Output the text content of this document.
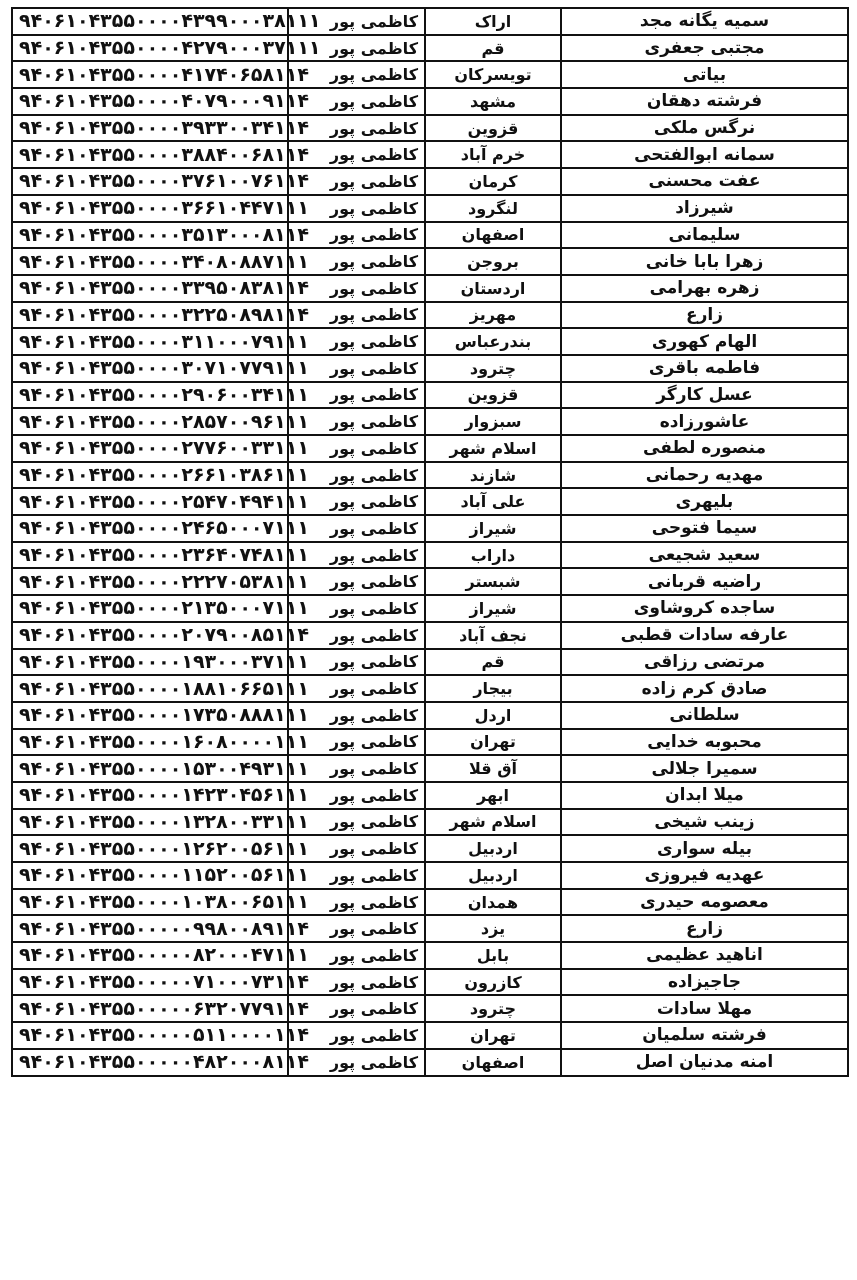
۹۴۰۶۱۰۴۳۵۵۰۰۰۰۴۳۹۹۰۰۰۳۸۱۱۱	کاظمی پور	اراک	سمیه یگانه مجد
۹۴۰۶۱۰۴۳۵۵۰۰۰۰۴۲۷۹۰۰۰۳۷۱۱۱	کاظمی پور	قم	مجتبی جعفری
۹۴۰۶۱۰۴۳۵۵۰۰۰۰۴۱۷۴۰۶۵۸۱۱۴	کاظمی پور	تویسرکان	بیاتی
۹۴۰۶۱۰۴۳۵۵۰۰۰۰۴۰۷۹۰۰۰۹۱۱۴	کاظمی پور	مشهد	فرشته دهقان
۹۴۰۶۱۰۴۳۵۵۰۰۰۰۳۹۳۳۰۰۳۴۱۱۴	کاظمی پور	قزوین	نرگس ملکی
۹۴۰۶۱۰۴۳۵۵۰۰۰۰۳۸۸۴۰۰۶۸۱۱۴	کاظمی پور	خرم آباد	سمانه ابوالفتحی
۹۴۰۶۱۰۴۳۵۵۰۰۰۰۳۷۶۱۰۰۷۶۱۱۴	کاظمی پور	کرمان	عفت محسنی
۹۴۰۶۱۰۴۳۵۵۰۰۰۰۳۶۶۱۰۴۴۷۱۱۱	کاظمی پور	لنگرود	شیرزاد
۹۴۰۶۱۰۴۳۵۵۰۰۰۰۳۵۱۳۰۰۰۸۱۱۴	کاظمی پور	اصفهان	سلیمانی
۹۴۰۶۱۰۴۳۵۵۰۰۰۰۳۴۰۸۰۸۸۷۱۱۱	کاظمی پور	بروجن	زهرا بابا خانی
۹۴۰۶۱۰۴۳۵۵۰۰۰۰۳۳۹۵۰۸۳۸۱۱۴	کاظمی پور	اردستان	زهره بهرامی
۹۴۰۶۱۰۴۳۵۵۰۰۰۰۳۲۲۵۰۸۹۸۱۱۴	کاظمی پور	مهریز	زارع
۹۴۰۶۱۰۴۳۵۵۰۰۰۰۳۱۱۰۰۰۷۹۱۱۱	کاظمی پور	بندرعباس	الهام کهوری
۹۴۰۶۱۰۴۳۵۵۰۰۰۰۳۰۷۱۰۷۷۹۱۱۱	کاظمی پور	چترود	فاطمه باقری
۹۴۰۶۱۰۴۳۵۵۰۰۰۰۲۹۰۶۰۰۳۴۱۱۱	کاظمی پور	قزوین	عسل کارگر
۹۴۰۶۱۰۴۳۵۵۰۰۰۰۲۸۵۷۰۰۹۶۱۱۱	کاظمی پور	سبزوار	عاشورزاده
۹۴۰۶۱۰۴۳۵۵۰۰۰۰۲۷۷۶۰۰۳۳۱۱۱	کاظمی پور	اسلام شهر	منصوره لطفی
۹۴۰۶۱۰۴۳۵۵۰۰۰۰۲۶۶۱۰۳۸۶۱۱۱	کاظمی پور	شازند	مهدیه رحمانی
۹۴۰۶۱۰۴۳۵۵۰۰۰۰۲۵۴۷۰۴۹۴۱۱۱	کاظمی پور	علی آباد	بلیهری
۹۴۰۶۱۰۴۳۵۵۰۰۰۰۲۴۶۵۰۰۰۷۱۱۱	کاظمی پور	شیراز	سیما فتوحی
۹۴۰۶۱۰۴۳۵۵۰۰۰۰۲۳۶۴۰۷۴۸۱۱۱	کاظمی پور	داراب	سعید شجیعی
۹۴۰۶۱۰۴۳۵۵۰۰۰۰۲۲۲۷۰۵۳۸۱۱۱	کاظمی پور	شبستر	راضیه قربانی
۹۴۰۶۱۰۴۳۵۵۰۰۰۰۲۱۳۵۰۰۰۷۱۱۱	کاظمی پور	شیراز	ساجده کروشاوی
۹۴۰۶۱۰۴۳۵۵۰۰۰۰۲۰۷۹۰۰۸۵۱۱۴	کاظمی پور	نجف آباد	عارفه سادات قطبی
۹۴۰۶۱۰۴۳۵۵۰۰۰۰۱۹۳۰۰۰۳۷۱۱۱	کاظمی پور	قم	مرتضی رزاقی
۹۴۰۶۱۰۴۳۵۵۰۰۰۰۱۸۸۱۰۶۶۵۱۱۱	کاظمی پور	بیجار	صادق کرم زاده
۹۴۰۶۱۰۴۳۵۵۰۰۰۰۱۷۳۵۰۸۸۸۱۱۱	کاظمی پور	اردل	سلطانی
۹۴۰۶۱۰۴۳۵۵۰۰۰۰۱۶۰۸۰۰۰۰۱۱۱	کاظمی پور	تهران	محبوبه خدایی
۹۴۰۶۱۰۴۳۵۵۰۰۰۰۱۵۳۰۰۴۹۳۱۱۱	کاظمی پور	آق قلا	سمیرا جلالی
۹۴۰۶۱۰۴۳۵۵۰۰۰۰۱۴۲۳۰۴۵۶۱۱۱	کاظمی پور	ابهر	میلا ابدان
۹۴۰۶۱۰۴۳۵۵۰۰۰۰۱۳۲۸۰۰۳۳۱۱۱	کاظمی پور	اسلام شهر	زینب شیخی
۹۴۰۶۱۰۴۳۵۵۰۰۰۰۱۲۶۲۰۰۵۶۱۱۱	کاظمی پور	اردبیل	بیله سواری
۹۴۰۶۱۰۴۳۵۵۰۰۰۰۱۱۵۲۰۰۵۶۱۱۱	کاظمی پور	اردبیل	عهدیه فیروزی
۹۴۰۶۱۰۴۳۵۵۰۰۰۰۱۰۳۸۰۰۶۵۱۱۱	کاظمی پور	همدان	معصومه حیدری
۹۴۰۶۱۰۴۳۵۵۰۰۰۰۰۹۹۸۰۰۸۹۱۱۴	کاظمی پور	یزد	زارع
۹۴۰۶۱۰۴۳۵۵۰۰۰۰۰۸۲۰۰۰۴۷۱۱۱	کاظمی پور	بابل	اناهید عظیمی
۹۴۰۶۱۰۴۳۵۵۰۰۰۰۰۷۱۰۰۰۷۳۱۱۴	کاظمی پور	کازرون	جاجیزاده
۹۴۰۶۱۰۴۳۵۵۰۰۰۰۰۶۳۲۰۷۷۹۱۱۴	کاظمی پور	چترود	مهلا سادات
۹۴۰۶۱۰۴۳۵۵۰۰۰۰۰۵۱۱۰۰۰۰۱۱۴	کاظمی پور	تهران	فرشته سلمیان
۹۴۰۶۱۰۴۳۵۵۰۰۰۰۰۴۸۲۰۰۰۸۱۱۴	کاظمی پور	اصفهان	امنه مدنیان اصل
